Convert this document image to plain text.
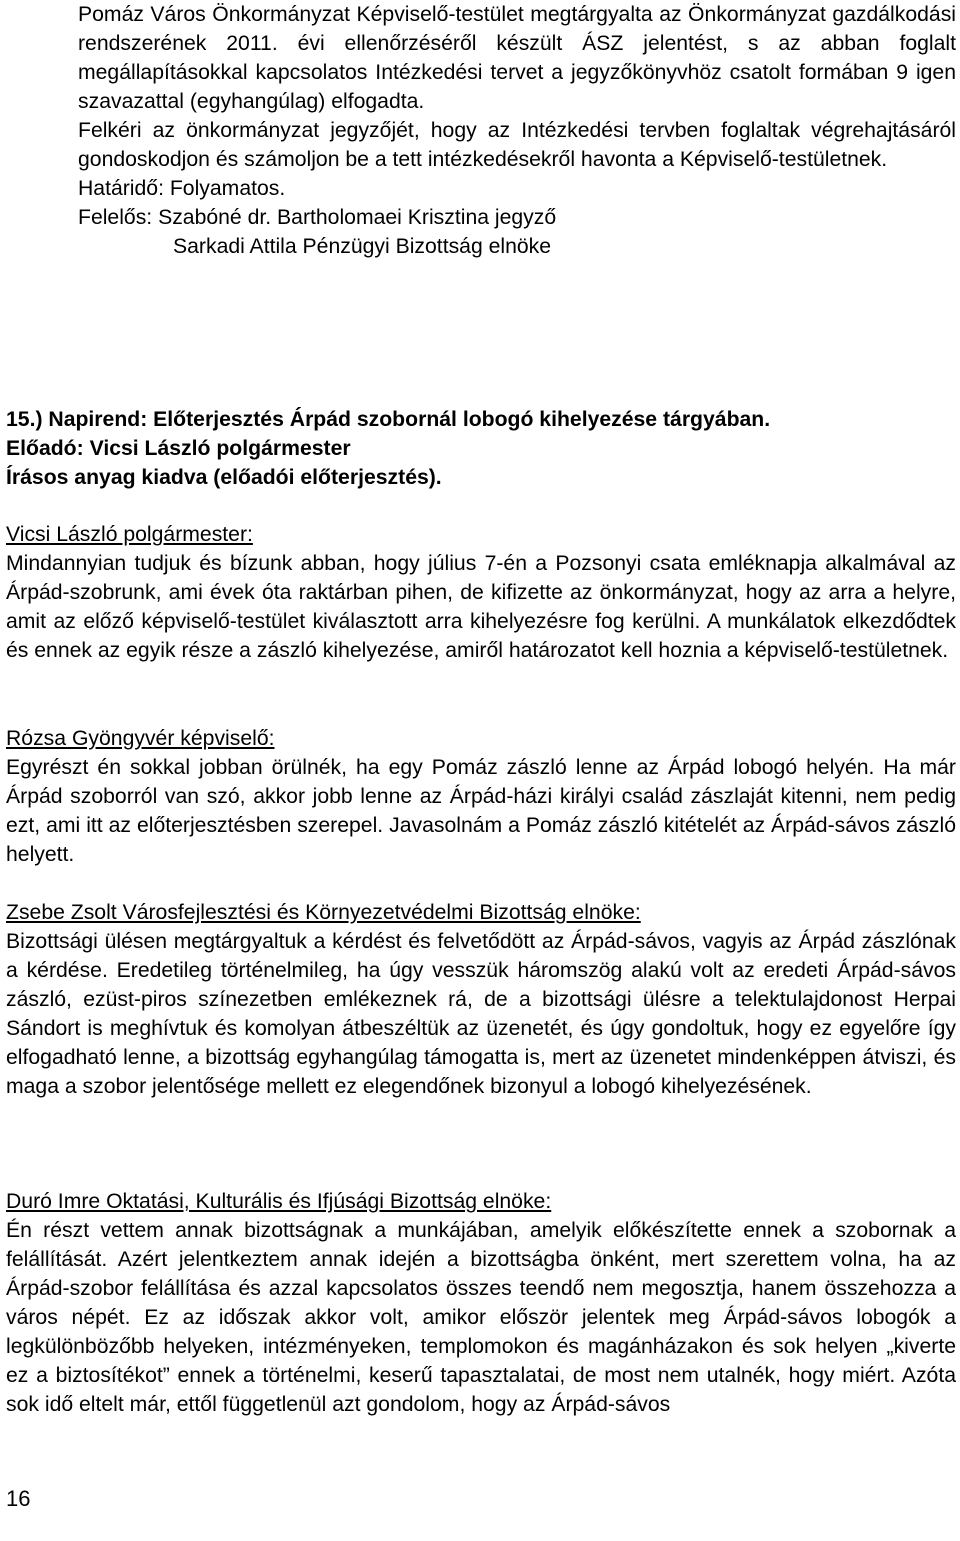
Pomáz Város Önkormányzat Képviselő-testület megtárgyalta az Önkormányzat gazdálkodási rendszerének 2011. évi ellenőrzéséről készült ÁSZ jelentést, s az abban foglalt megállapításokkal kapcsolatos Intézkedési tervet a jegyzőkönyvhöz csatolt formában 9 igen szavazattal (egyhangúlag) elfogadta.

Felkéri az önkormányzat jegyzőjét, hogy az Intézkedési tervben foglaltak végrehajtásáról gondoskodjon és számoljon be a tett intézkedésekről havonta a Képviselő-testületnek.

Határidő: Folyamatos.

Felelős: Szabóné dr. Bartholomaei Krisztina jegyző

Sarkadi Attila Pénzügyi Bizottság elnöke

15.) Napirend: Előterjesztés Árpád szobornál lobogó kihelyezése tárgyában.

Előadó: Vicsi László polgármester

Írásos anyag kiadva (előadói előterjesztés).

Vicsi László polgármester:

Mindannyian tudjuk és bízunk abban, hogy július 7-én a Pozsonyi csata emléknapja alkalmával az Árpád-szobrunk, ami évek óta raktárban pihen, de kifizette az önkormányzat, hogy az arra a helyre, amit az előző képviselő-testület kiválasztott arra kihelyezésre fog kerülni. A munkálatok elkezdődtek és ennek az egyik része a zászló kihelyezése, amiről határozatot kell hoznia a képviselő-testületnek.

Rózsa Gyöngyvér képviselő:

Egyrészt én sokkal jobban örülnék, ha egy Pomáz zászló lenne az Árpád lobogó helyén. Ha már Árpád szoborról van szó, akkor jobb lenne az Árpád-házi királyi család zászlaját kitenni, nem pedig ezt, ami itt az előterjesztésben szerepel. Javasolnám a Pomáz zászló kitételét az Árpád-sávos zászló helyett.

Zsebe Zsolt Városfejlesztési és Környezetvédelmi Bizottság elnöke:

Bizottsági ülésen megtárgyaltuk a kérdést és felvetődött az Árpád-sávos, vagyis az Árpád zászlónak a kérdése. Eredetileg történelmileg, ha úgy vesszük háromszög alakú volt az eredeti Árpád-sávos zászló, ezüst-piros színezetben emlékeznek rá, de a bizottsági ülésre a telektulajdonost Herpai Sándort is meghívtuk és komolyan átbeszéltük az üzenetét, és úgy gondoltuk, hogy ez egyelőre így elfogadható lenne, a bizottság egyhangúlag támogatta is, mert az üzenetet mindenképpen átviszi, és maga a szobor jelentősége mellett ez elegendőnek bizonyul a lobogó kihelyezésének.

Duró Imre Oktatási, Kulturális és Ifjúsági Bizottság elnöke:

Én részt vettem annak bizottságnak a munkájában, amelyik előkészítette ennek a szobornak a felállítását. Azért jelentkeztem annak idején a bizottságba önként, mert szerettem volna, ha az Árpád-szobor felállítása és azzal kapcsolatos összes teendő nem megosztja, hanem összehozza a város népét. Ez az időszak akkor volt, amikor először jelentek meg Árpád-sávos lobogók a legkülönbözőbb helyeken, intézményeken, templomokon és magánházakon és sok helyen „kiverte ez a biztosítékot” ennek a történelmi, keserű tapasztalatai, de most nem utalnék, hogy miért. Azóta sok idő eltelt már, ettől függetlenül azt gondolom, hogy az Árpád-sávos

16
